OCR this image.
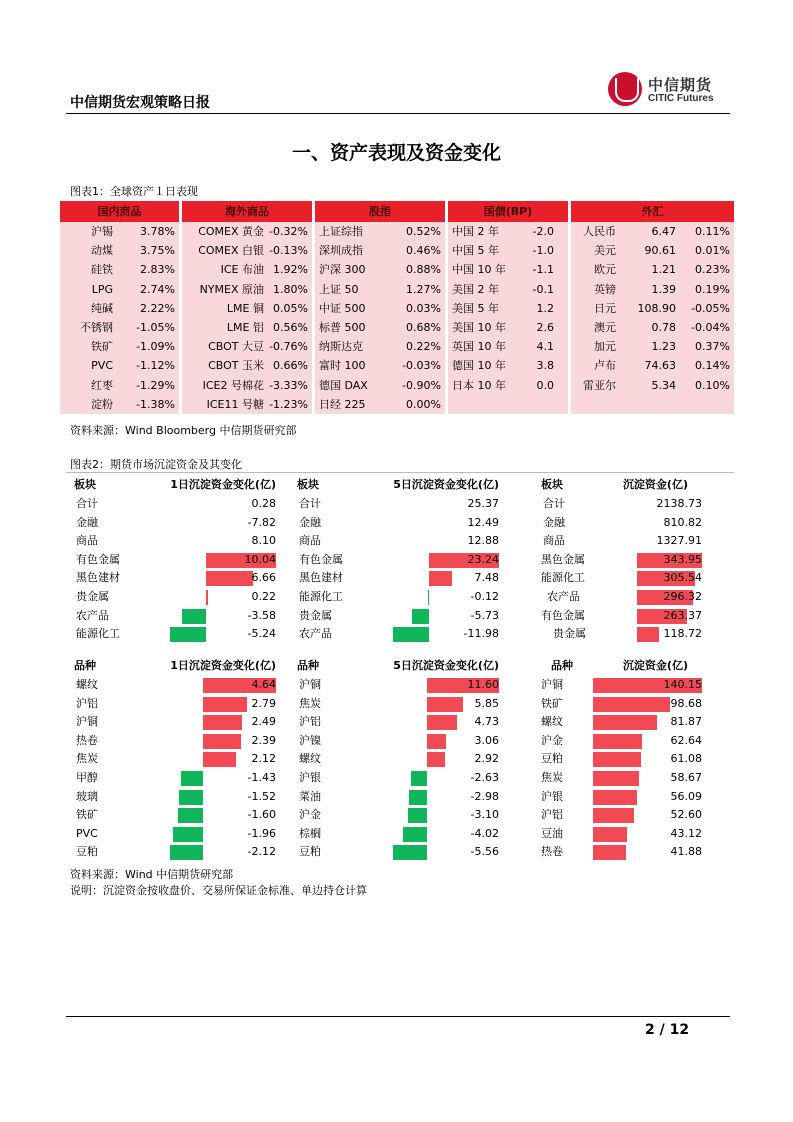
中信期货宏观策略日报
中信期货
CITIC Futures
一、资产表现及资金变化
图表1：全球资产１日表现
国内商品
沪锡 3.78%
动煤 3.75%
硅铁 2.83%
LPG 2.74%
纯碱 2.22%
不锈钢 -1.05%
铁矿 -1.09%
PVC -1.12%
红枣 -1.29%
淀粉 -1.38%
海外商品
COMEX 黄金 -0.32%
COMEX 白银 -0.13%
ICE 布油 1.92%
NYMEX 原油 1.80%
LME 铜 0.05%
LME 铝 0.56%
CBOT 大豆 -0.76%
CBOT 玉米 0.66%
ICE2 号棉花 -3.33%
ICE11 号糖 -1.23%
股指
上证综指	0.52%
深圳成指	0.46%
沪深 300	0.88%
上证 50	1.27%
中证 500	0.03%
标普 500	0.68%
纳斯达克	0.22%
富时 100	-0.03%
德国 DAX	-0.90%
日经 225	0.00%
国债(BP)
中国 2 年	-2.0
中国 5 年	-1.0
中国 10 年 -1.1
美国 2 年	-0.1
美国 5 年	1.2
美国 10 年	2.6
英国 10 年	4.1
德国 10 年	3.8
日本 10 年	0.0
外汇
人民币	6.47 0.11%
美元	90.61 0.01%
欧元	1.21 0.23%
英镑	1.39 0.19%
日元 108.90 -0.05%
澳元	0.78 -0.04%
加元	1.23 0.37%
卢布	74.63 0.14%
雷亚尔	5.34 0.10%
资料来源：Wind Bloomberg 中信期货研究部
图表2：期货市场沉淀资金及其变化
板块	1日沉淀资金变化(亿)
合计	0.28
金融	-7.82
商品	8.10
有色金属	10.04
黑色建材	6.66
贵金属	0.22
农产品	-3.58
能源化工	-5.24
板块	5日沉淀资金变化(亿)
合计	25.37
金融	12.49
商品	12.88
有色金属	23.24
黑色建材	7.48
能源化工	-0.12
贵金属	-5.73
农产品	-11.98
板块	沉淀资金(亿)
合计	2138.73
金融	810.82
商品	1327.91
黑色金属	343.95
能源化工	305.54
农产品	296.32
有色金属	263.37
贵金属	118.72
品种	1日沉淀资金变化(亿)
螺纹	4.64
沪铝	2.79
沪铜	2.49
热卷	2.39
焦炭	2.12
甲醇	-1.43
玻璃	-1.52
铁矿	-1.60
PVC	-1.96
豆粕	-2.12
品种	5日沉淀资金变化(亿)
沪铜	11.60
焦炭	5.85
沪铝	4.73
沪镍	3.06
螺纹	2.92
沪银	-2.63
菜油	-2.98
沪金	-3.10
棕榈	-4.02
豆粕	-5.56
品种	沉淀资金(亿)
沪铜	140.15
铁矿	98.68
螺纹	81.87
沪金	62.64
豆粕	61.08
焦炭	58.67
沪银	56.09
沪铝	52.60
豆油	43.12
热卷	41.88
资料来源：Wind 中信期货研究部
说明：沉淀资金按收盘价、交易所保证金标准、单边持仓计算
2 / 12
